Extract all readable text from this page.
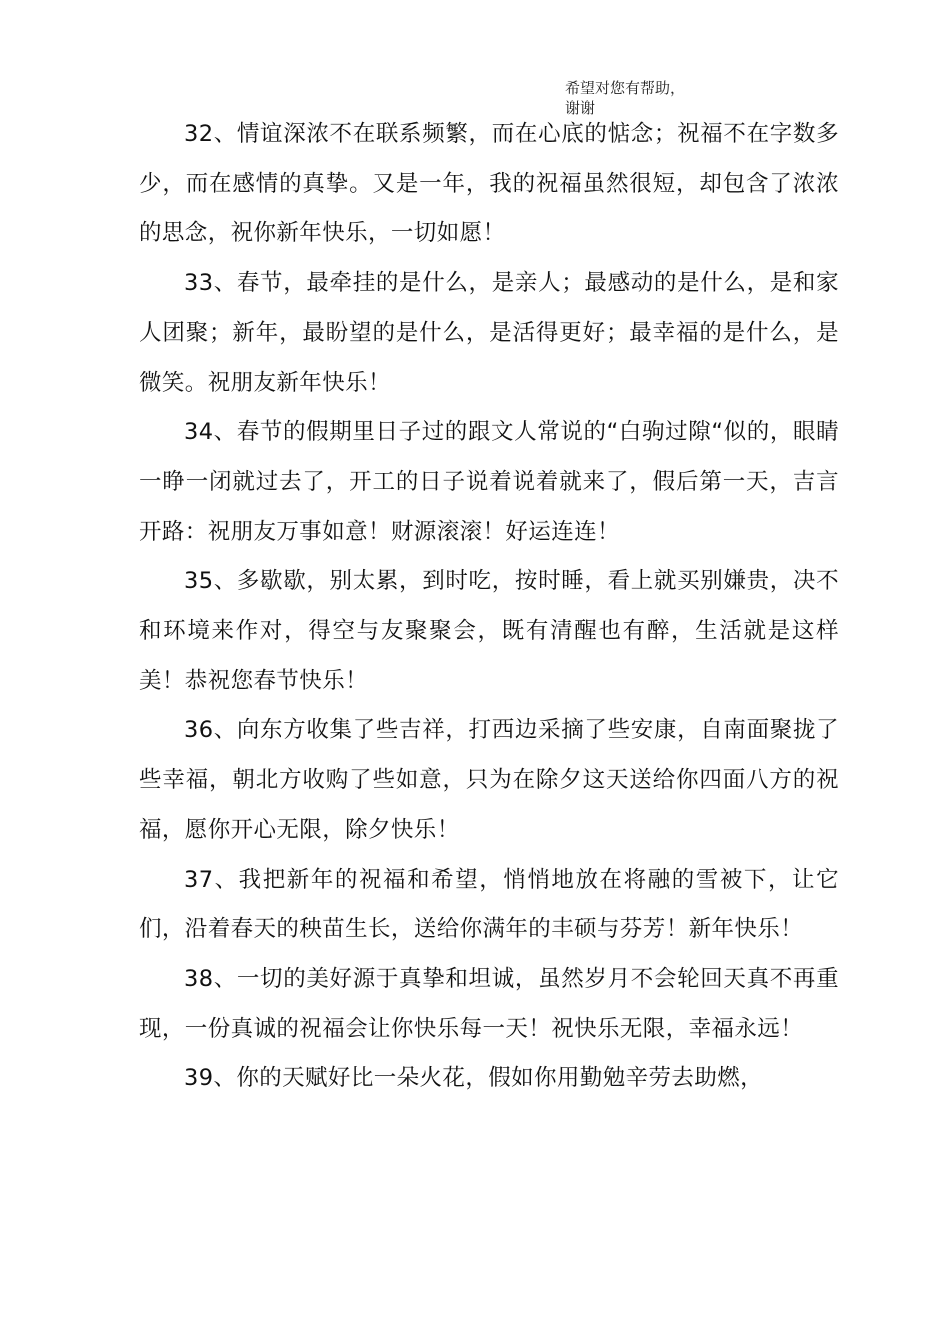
希望对您有帮助，
谢谢

32、情谊深浓不在联系频繁，而在心底的惦念；祝福不在字数多少，而在感情的真挚。又是一年，我的祝福虽然很短，却包含了浓浓的思念，祝你新年快乐，一切如愿！

33、春节，最牵挂的是什么，是亲人；最感动的是什么，是和家人团聚；新年，最盼望的是什么，是活得更好；最幸福的是什么，是微笑。祝朋友新年快乐！

34、春节的假期里日子过的跟文人常说的“白驹过隙“似的，眼睛一睁一闭就过去了，开工的日子说着说着就来了，假后第一天，吉言开路：祝朋友万事如意！财源滚滚！好运连连！

35、多歇歇，别太累，到时吃，按时睡，看上就买别嫌贵，决不和环境来作对，得空与友聚聚会，既有清醒也有醉，生活就是这样美！恭祝您春节快乐！

36、向东方收集了些吉祥，打西边采摘了些安康，自南面聚拢了些幸福，朝北方收购了些如意，只为在除夕这天送给你四面八方的祝福，愿你开心无限，除夕快乐！

37、我把新年的祝福和希望，悄悄地放在将融的雪被下，让它们，沿着春天的秧苗生长，送给你满年的丰硕与芬芳！新年快乐！

38、一切的美好源于真挚和坦诚，虽然岁月不会轮回天真不再重现，一份真诚的祝福会让你快乐每一天！祝快乐无限，幸福永远！

39、你的天赋好比一朵火花，假如你用勤勉辛劳去助燃，
